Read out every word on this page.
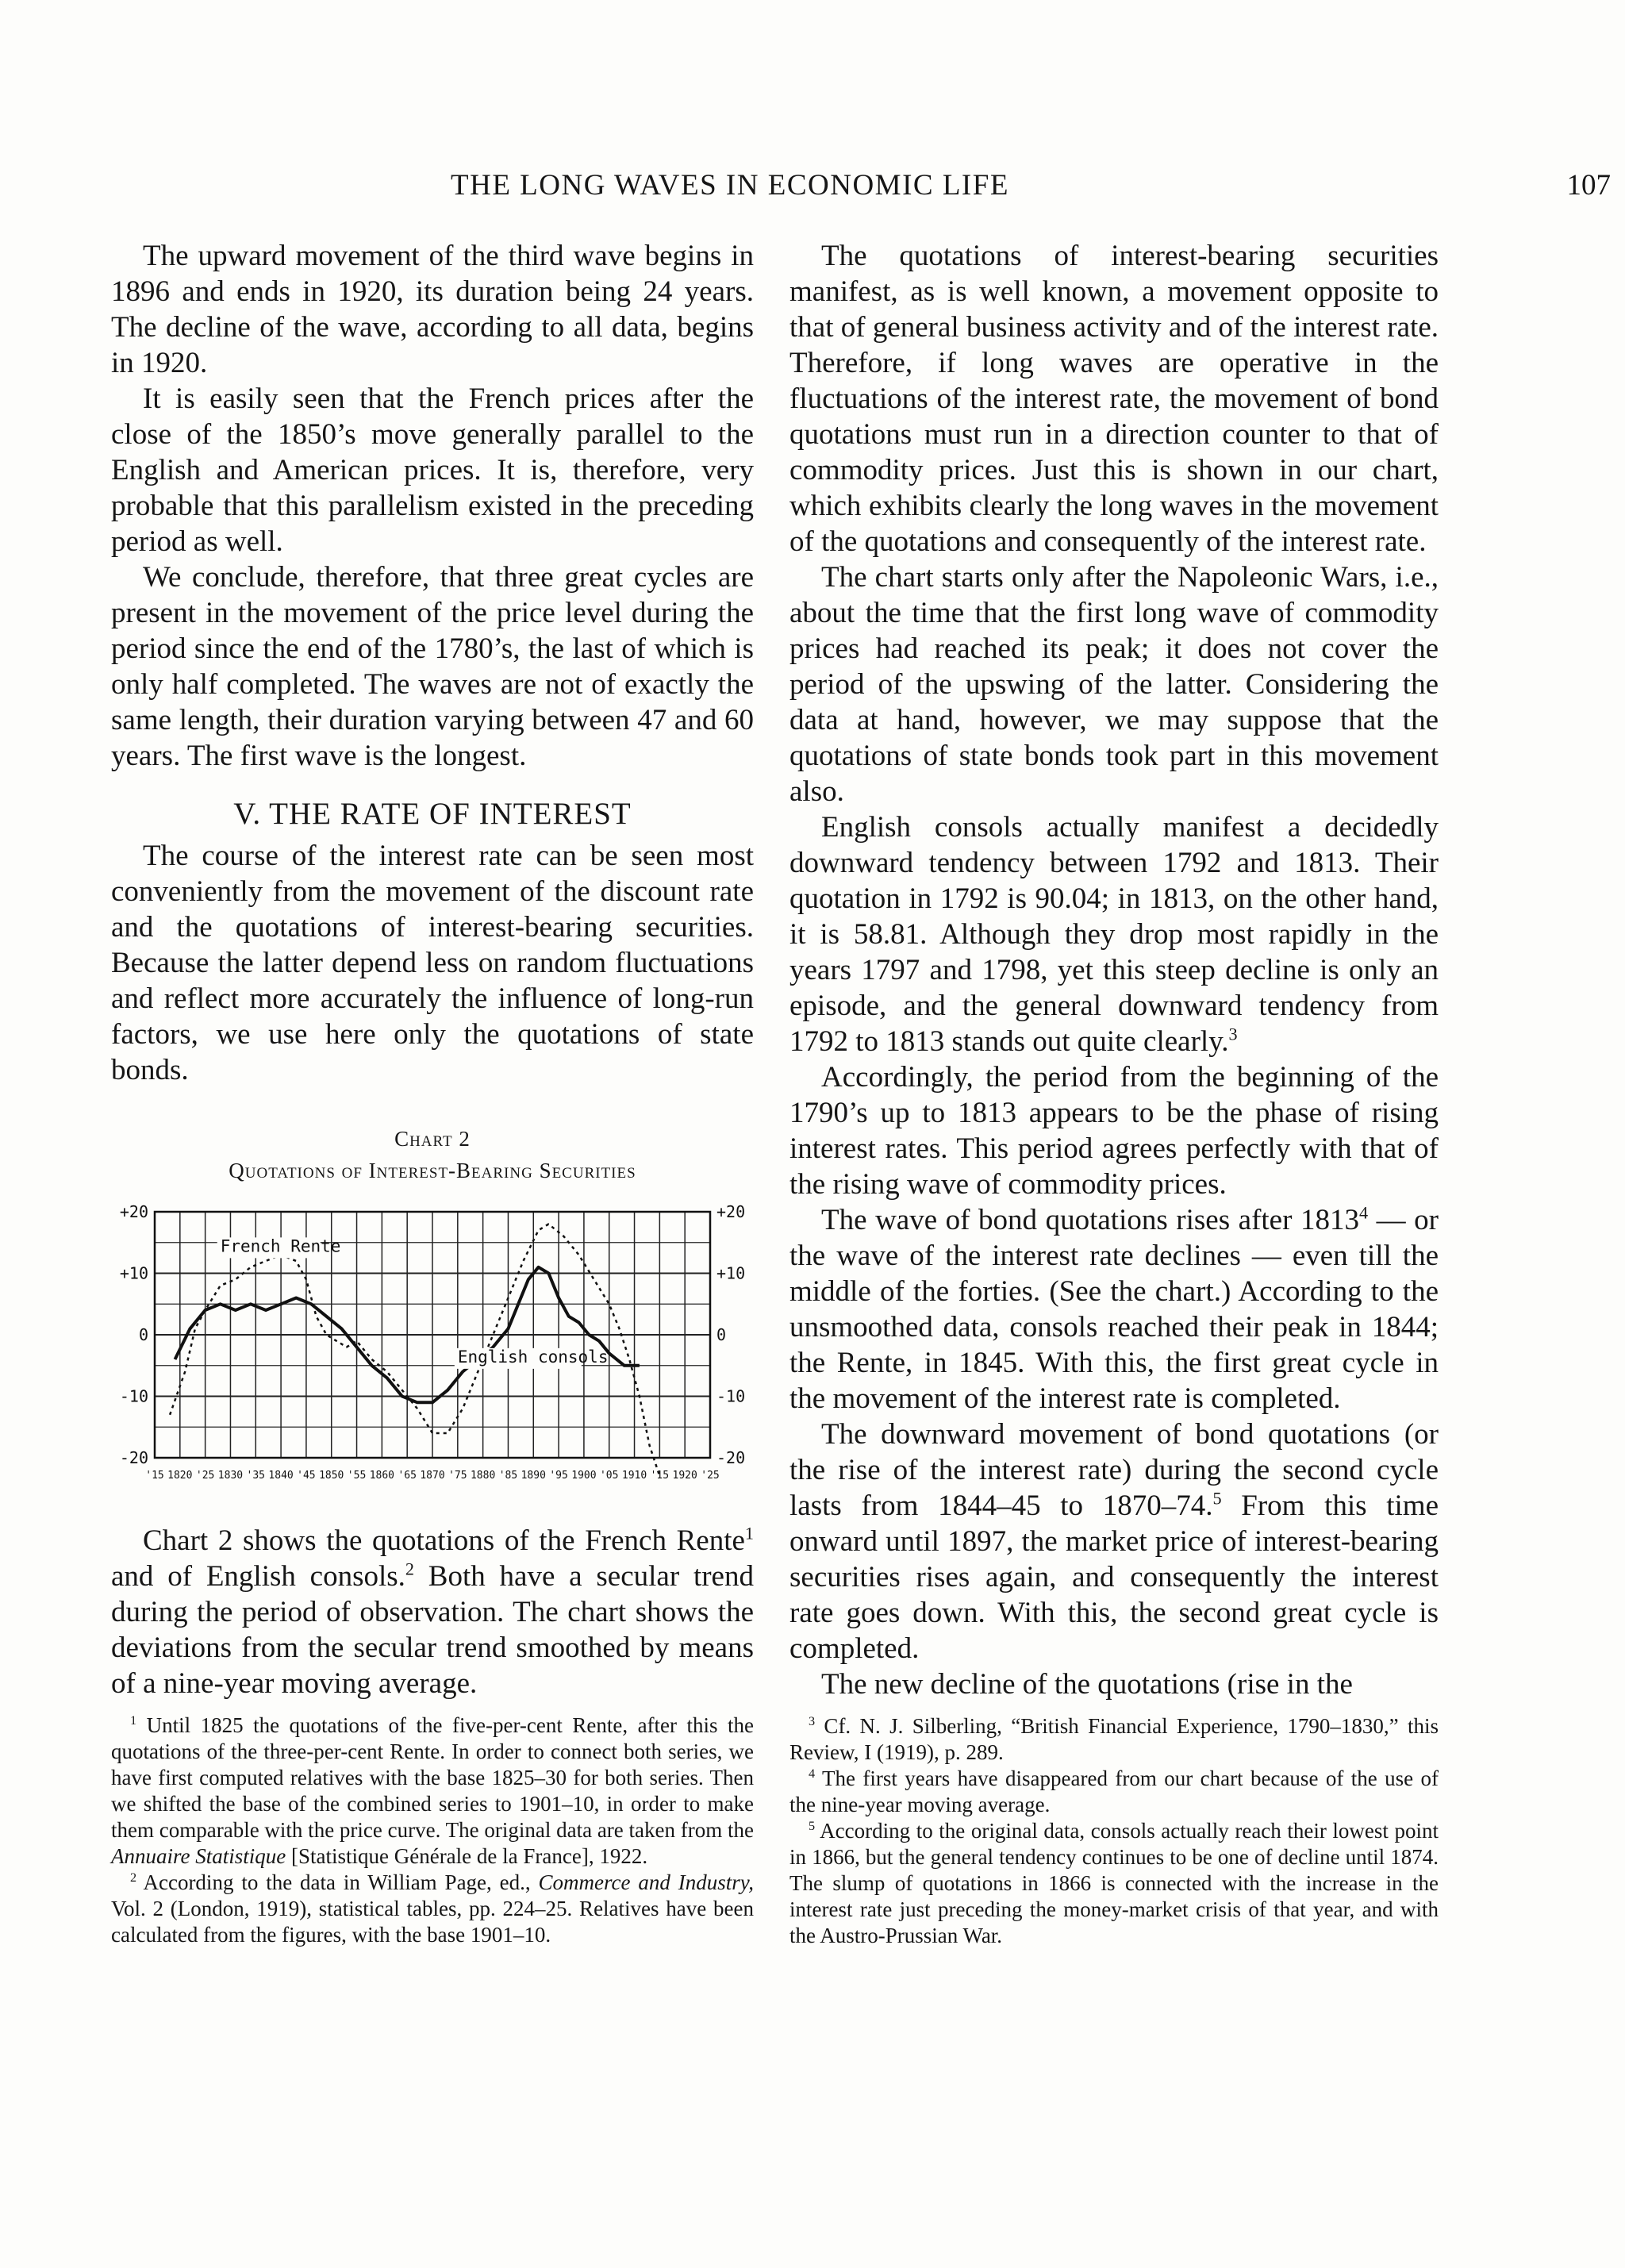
THE LONG WAVES IN ECONOMIC LIFE	107

The upward movement of the third wave begins in 1896 and ends in 1920, its duration being 24 years. The decline of the wave, according to all data, begins in 1920.

It is easily seen that the French prices after the close of the 1850’s move generally parallel to the English and American prices. It is, therefore, very probable that this parallelism existed in the preceding period as well.

We conclude, therefore, that three great cycles are present in the movement of the price level during the period since the end of the 1780’s, the last of which is only half completed. The waves are not of exactly the same length, their duration varying between 47 and 60 years. The first wave is the longest.

V. THE RATE OF INTEREST

The course of the interest rate can be seen most conveniently from the movement of the discount rate and the quotations of interest-bearing securities. Because the latter depend less on random fluctuations and reflect more accurately the influence of long-run factors, we use here only the quotations of state bonds.

Chart 2
Quotations of Interest-Bearing Securities
+20	+20
+10	+10
0	0
-10	-10
-20	-20
'15 1820 '25 1830 '35 1840 '45 1850 '55 1860 '65 1870 '75 1880 '85 1890 '95 1900 '05 1910 '15 1920 '25
French Rente
English consols

Chart 2 shows the quotations of the French Rente$^1$ and of English consols.$^2$ Both have a secular trend during the period of observation. The chart shows the deviations from the secular trend smoothed by means of a nine-year moving average.

$^1$ Until 1825 the quotations of the five-per-cent Rente, after this the quotations of the three-per-cent Rente. In order to connect both series, we have first computed relatives with the base 1825–30 for both series. Then we shifted the base of the combined series to 1901–10, in order to make them comparable with the price curve. The original data are taken from the Annuaire Statistique [Statistique Générale de la France], 1922.

$^2$ According to the data in William Page, ed., Commerce and Industry, Vol. 2 (London, 1919), statistical tables, pp. 224–25. Relatives have been calculated from the figures, with the base 1901–10.

The quotations of interest-bearing securities manifest, as is well known, a movement opposite to that of general business activity and of the interest rate. Therefore, if long waves are operative in the fluctuations of the interest rate, the movement of bond quotations must run in a direction counter to that of commodity prices. Just this is shown in our chart, which exhibits clearly the long waves in the movement of the quotations and consequently of the interest rate.

The chart starts only after the Napoleonic Wars, i.e., about the time that the first long wave of commodity prices had reached its peak; it does not cover the period of the upswing of the latter. Considering the data at hand, however, we may suppose that the quotations of state bonds took part in this movement also.

English consols actually manifest a decidedly downward tendency between 1792 and 1813. Their quotation in 1792 is 90.04; in 1813, on the other hand, it is 58.81. Although they drop most rapidly in the years 1797 and 1798, yet this steep decline is only an episode, and the general downward tendency from 1792 to 1813 stands out quite clearly.$^3$

Accordingly, the period from the beginning of the 1790’s up to 1813 appears to be the phase of rising interest rates. This period agrees perfectly with that of the rising wave of commodity prices.

The wave of bond quotations rises after 1813$^4$ — or the wave of the interest rate declines — even till the middle of the forties. (See the chart.) According to the unsmoothed data, consols reached their peak in 1844; the Rente, in 1845. With this, the first great cycle in the movement of the interest rate is completed.

The downward movement of bond quotations (or the rise of the interest rate) during the second cycle lasts from 1844–45 to 1870–74.$^5$ From this time onward until 1897, the market price of interest-bearing securities rises again, and consequently the interest rate goes down. With this, the second great cycle is completed.

The new decline of the quotations (rise in the

$^3$ Cf. N. J. Silberling, “British Financial Experience, 1790–1830,” this Review, I (1919), p. 289.

$^4$ The first years have disappeared from our chart because of the use of the nine-year moving average.

$^5$ According to the original data, consols actually reach their lowest point in 1866, but the general tendency continues to be one of decline until 1874. The slump of quotations in 1866 is connected with the increase in the interest rate just preceding the money-market crisis of that year, and with the Austro-Prussian War.
